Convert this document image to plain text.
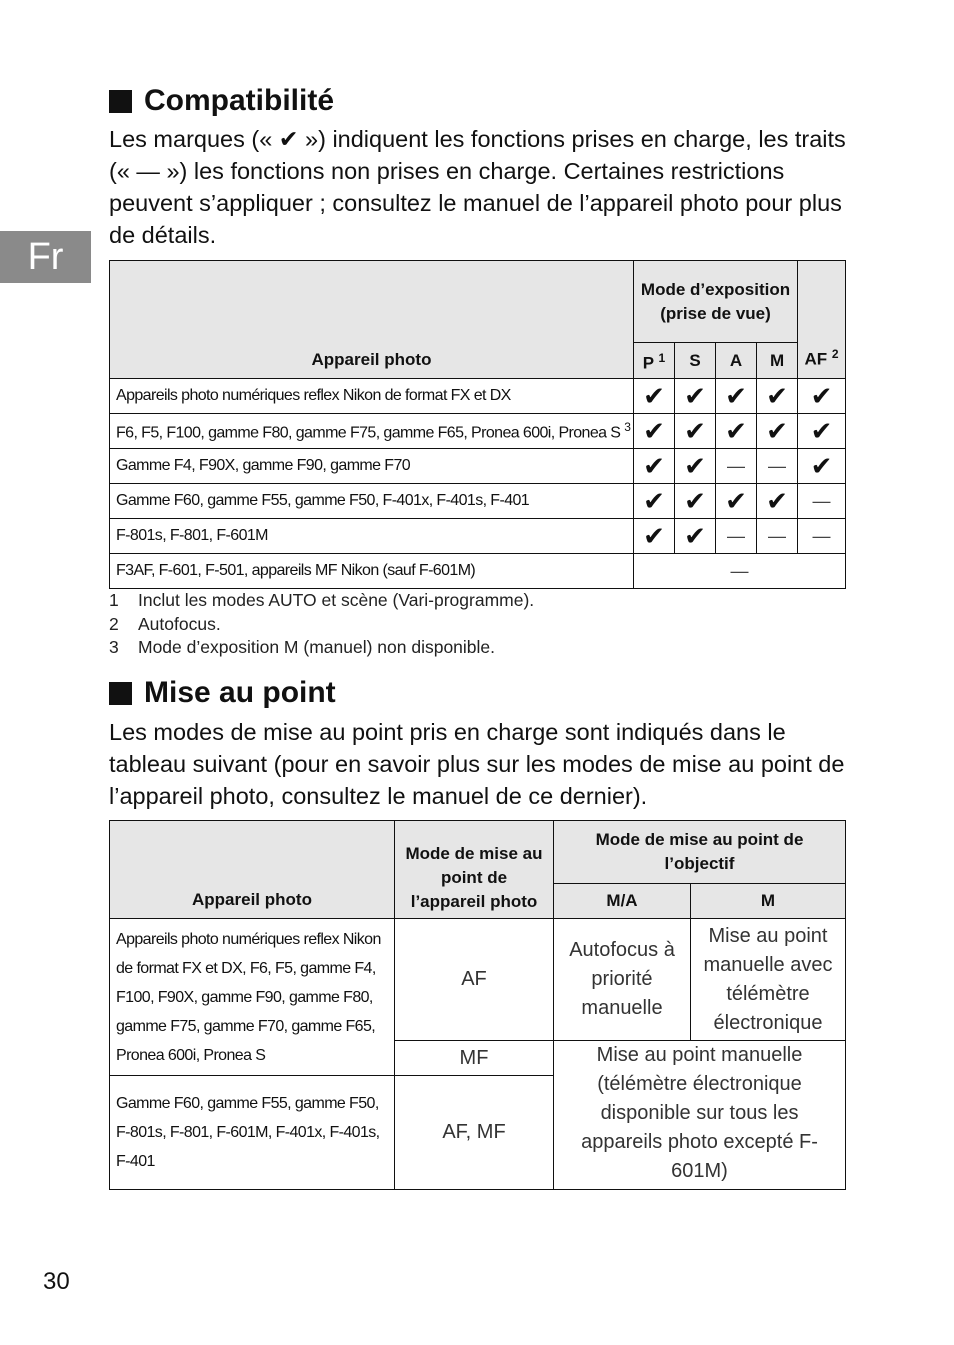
Fr
Compatibilité

Les marques (« ✔ ») indiquent les fonctions prises en charge, les traits (« — ») les fonctions non prises en charge. Certaines restrictions peuvent s’appliquer ; consultez le manuel de l’appareil photo pour plus de détails.

Appareil photo	Mode d’exposition (prise de vue)				AF $^2$
	P $^1$	S	A	M	
Appareils photo numériques reflex Nikon de format FX et DX	✔	✔	✔	✔	✔
F6, F5, F100, gamme F80, gamme F75, gamme F65, Pronea 600i, Pronea S $^3$	✔	✔	✔	✔	✔
Gamme F4, F90X, gamme F90, gamme F70	✔	✔	—	—	✔
Gamme F60, gamme F55, gamme F50, F-401x, F-401s, F-401	✔	✔	✔	✔	—
F-801s, F-801, F-601M	✔	✔	—	—	—
F3AF, F-601, F-501, appareils MF Nikon (sauf F-601M)	—				
1 Inclut les modes AUTO et scène (Vari-programme).
2 Autofocus.
3 Mode d’exposition M (manuel) non disponible.
Mise au point

Les modes de mise au point pris en charge sont indiqués dans le tableau suivant (pour en savoir plus sur les modes de mise au point de l’appareil photo, consultez le manuel de ce dernier).

Appareil photo	Mode de mise au point de l’appareil photo	Mode de mise au point de l’objectif	
		M/A	M
Appareils photo numériques reflex Nikon de format FX et DX, F6, F5, gamme F4, F100, F90X, gamme F90, gamme F80, gamme F75, gamme F70, gamme F65, Pronea 600i, Pronea S	AF	Autofocus à priorité manuelle	Mise au point manuelle avec télémètre électronique
	MF	Mise au point manuelle (télémètre électronique disponible sur tous les appareils photo excepté F-601M)	
Gamme F60, gamme F55, gamme F50, F-801s, F-801, F-601M, F-401x, F-401s, F-401	AF, MF		
30
